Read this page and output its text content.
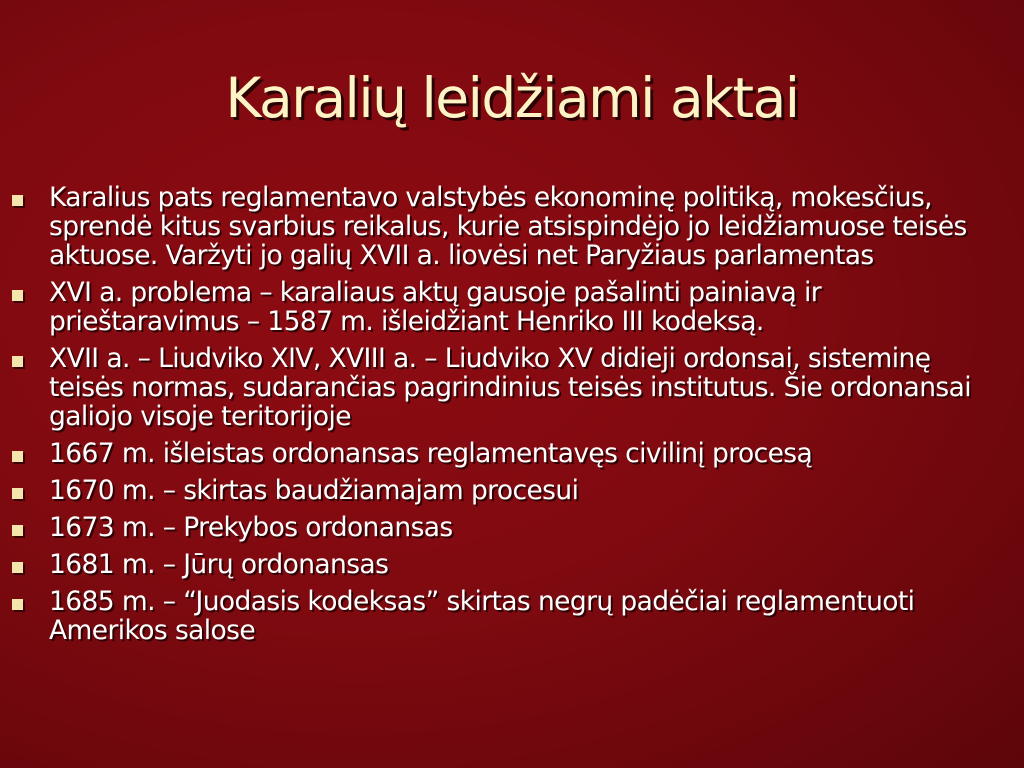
Karalių leidžiami aktai
Karalius pats reglamentavo valstybės ekonominę politiką, mokesčius, sprendė kitus svarbius reikalus, kurie atsispindėjo jo leidžiamuose teisės aktuose. Varžyti jo galių XVII a. liovėsi net Paryžiaus parlamentas
XVI a. problema – karaliaus aktų gausoje pašalinti painiavą ir prieštaravimus – 1587 m. išleidžiant Henriko III kodeksą.
XVII a. – Liudviko XIV, XVIII a. – Liudviko XV didieji ordonsai, sisteminę teisės normas, sudarančias pagrindinius teisės institutus. Šie ordonansai galiojo visoje teritorijoje
1667 m. išleistas ordonansas reglamentavęs civilinį procesą
1670 m. – skirtas baudžiamajam procesui
1673 m. – Prekybos ordonansas
1681 m. – Jūrų ordonansas
1685 m. – “Juodasis kodeksas” skirtas negrų padėčiai reglamentuoti Amerikos salose
